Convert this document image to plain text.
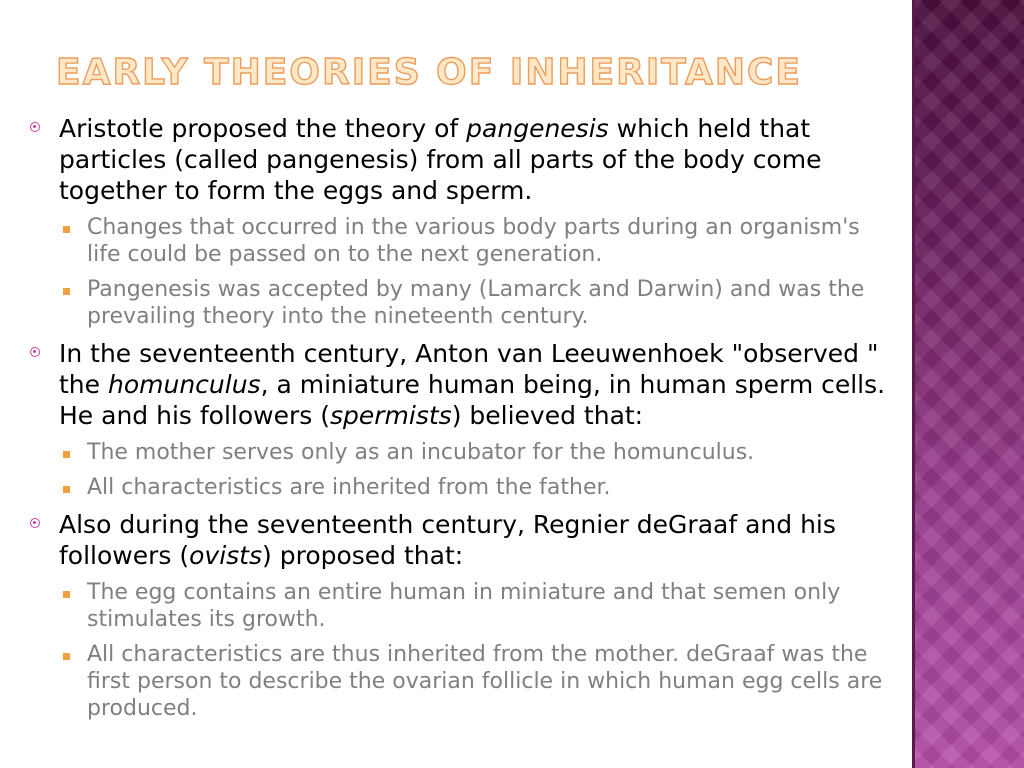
EARLY THEORIES OF INHERITANCE

Aristotle proposed the theory of pangenesis which held that particles (called pangenesis) from all parts of the body come together to form the eggs and sperm.

Changes that occurred in the various body parts during an organism's life could be passed on to the next generation.

Pangenesis was accepted by many (Lamarck and Darwin) and was the prevailing theory into the nineteenth century.

In the seventeenth century, Anton van Leeuwenhoek "observed " the homunculus, a miniature human being, in human sperm cells. He and his followers (spermists) believed that:

The mother serves only as an incubator for the homunculus.

All characteristics are inherited from the father.

Also during the seventeenth century, Regnier deGraaf and his followers (ovists) proposed that:

The egg contains an entire human in miniature and that semen only stimulates its growth.

All characteristics are thus inherited from the mother. deGraaf was the first person to describe the ovarian follicle in which human egg cells are produced.
